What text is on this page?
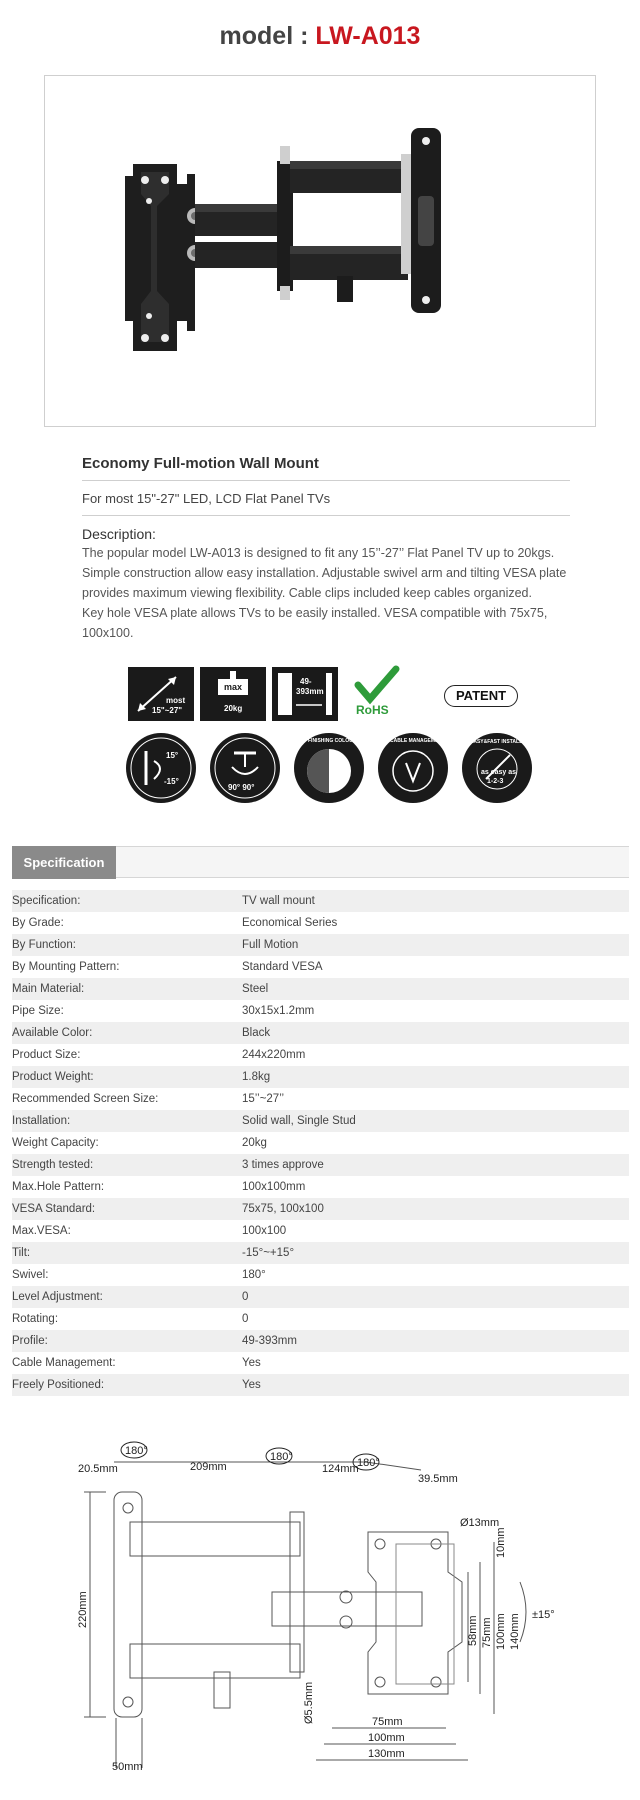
model : LW-A013
Economy Full-motion Wall Mount
For most 15"-27" LED, LCD Flat Panel TVs
Description:
The popular model LW-A013 is designed to fit any 15’’-27’’ Flat Panel TV up to 20kgs.
Simple construction allow easy installation. Adjustable swivel arm and tilting VESA plate
provides maximum viewing flexibility. Cable clips included keep cables organized.
Key hole VESA plate allows TVs to be easily installed. VESA compatible with 75x75, 100x100.
most
15"~27"
max
20kg
49-
393mm
RoHS
PATENT
15°
-15°
90° 90°
FINISHING COLOUR	CABLE MANAGEMENT	EASY&FAST INSTALLATION
as easy as
1-2-3
Specification
Specification:	TV wall mount
By Grade:	Economical Series
By Function:	Full Motion
By Mounting Pattern:	Standard VESA
Main Material:	Steel
Pipe Size:	30x15x1.2mm
Available Color:	Black
Product Size:	244x220mm
Product Weight:	1.8kg
Recommended Screen Size:	15’’~27’’
Installation:	Solid wall, Single Stud
Weight Capacity:	20kg
Strength tested:	3 times approve
Max.Hole Pattern:	100x100mm
VESA Standard:	75x75, 100x100
Max.VESA:	100x100
Tilt:	-15°~+15°
Swivel:	180°
Level Adjustment:	0
Rotating:	0
Profile:	49-393mm
Cable Management:	Yes
Freely Positioned:	Yes
180°	180°	180°
20.5mm	209mm	124mm
39.5mm
Ø13mm
10mm
220mm
58mm 75mm 100mm 140mm ±15°
Ø5.5mm	75mm
100mm
130mm
50mm
